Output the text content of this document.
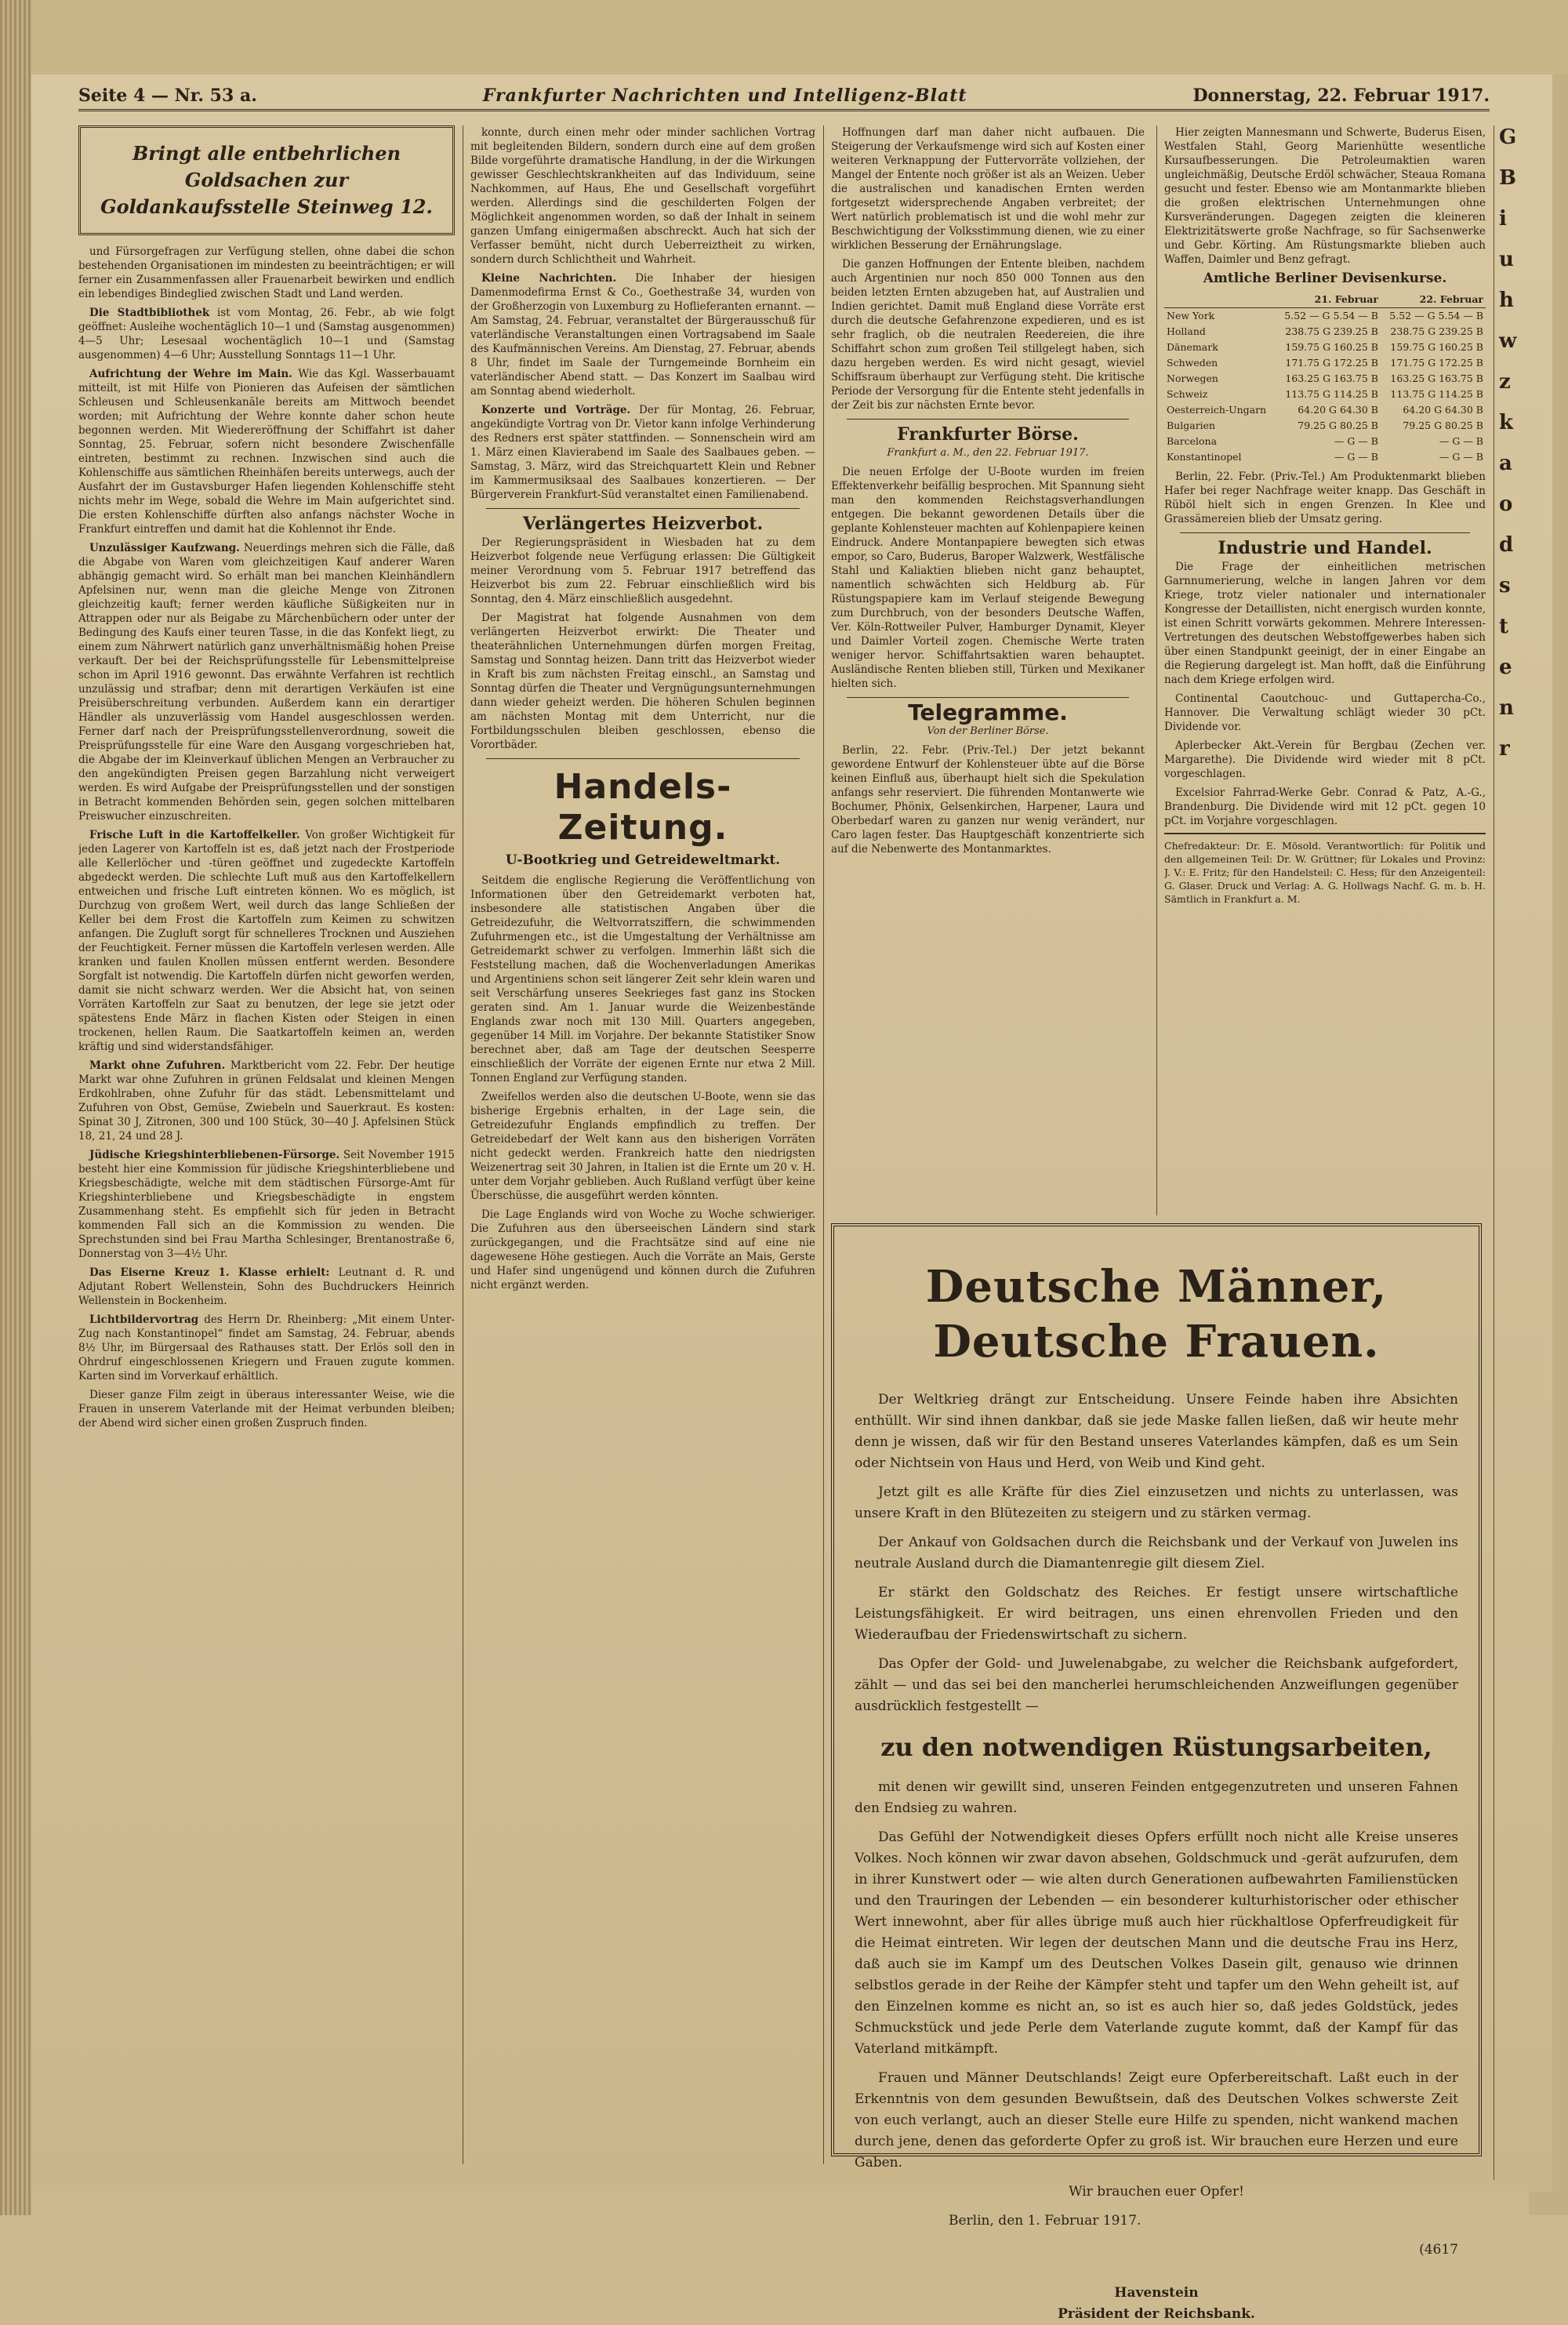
Seite 4 — Nr. 53 a.	Frankfurter Nachrichten und Intelligenz-Blatt	Donnerstag, 22. Februar 1917.
Bringt alle entbehrlichen Goldsachen zur Goldankaufsstelle Steinweg 12.

und Fürsorgefragen zur Verfügung stellen, ohne dabei die schon bestehenden Organisationen im mindesten zu beeinträchtigen; er will ferner ein Zusammenfassen aller Frauenarbeit bewirken und endlich ein lebendiges Bindeglied zwischen Stadt und Land werden.

Die Stadtbibliothek ist vom Montag, 26. Febr., ab wie folgt geöffnet: Ausleihe wochentäglich 10—1 und (Samstag ausgenommen) 4—5 Uhr; Lesesaal wochentäglich 10—1 und (Samstag ausgenommen) 4—6 Uhr; Ausstellung Sonntags 11—1 Uhr.

Aufrichtung der Wehre im Main. Wie das Kgl. Wasserbauamt mitteilt, ist mit Hilfe von Pionieren das Aufeisen der sämtlichen Schleusen und Schleusenkanäle bereits am Mittwoch beendet worden; mit Aufrichtung der Wehre konnte daher schon heute begonnen werden. Mit Wiedereröffnung der Schiffahrt ist daher Sonntag, 25. Februar, sofern nicht besondere Zwischenfälle eintreten, bestimmt zu rechnen. Inzwischen sind auch die Kohlenschiffe aus sämtlichen Rheinhäfen bereits unterwegs, auch der Ausfahrt der im Gustavsburger Hafen liegenden Kohlenschiffe steht nichts mehr im Wege, sobald die Wehre im Main aufgerichtet sind. Die ersten Kohlenschiffe dürften also anfangs nächster Woche in Frankfurt eintreffen und damit hat die Kohlennot ihr Ende.

Unzulässiger Kaufzwang. Neuerdings mehren sich die Fälle, daß die Abgabe von Waren vom gleichzeitigen Kauf anderer Waren abhängig gemacht wird. So erhält man bei manchen Kleinhändlern Apfelsinen nur, wenn man die gleiche Menge von Zitronen gleichzeitig kauft; ferner werden käufliche Süßigkeiten nur in Attrappen oder nur als Beigabe zu Märchenbüchern oder unter der Bedingung des Kaufs einer teuren Tasse, in die das Konfekt liegt, zu einem zum Nährwert natürlich ganz unverhältnismäßig hohen Preise verkauft. Der bei der Reichsprüfungsstelle für Lebensmittelpreise schon im April 1916 gewonnt. Das erwähnte Verfahren ist rechtlich unzulässig und strafbar; denn mit derartigen Verkäufen ist eine Preisüberschreitung verbunden. Außerdem kann ein derartiger Händler als unzuverlässig vom Handel ausgeschlossen werden. Ferner darf nach der Preisprüfungsstellenverordnung, soweit die Preisprüfungsstelle für eine Ware den Ausgang vorgeschrieben hat, die Abgabe der im Kleinverkauf üblichen Mengen an Verbraucher zu den angekündigten Preisen gegen Barzahlung nicht verweigert werden. Es wird Aufgabe der Preisprüfungsstellen und der sonstigen in Betracht kommenden Behörden sein, gegen solchen mittelbaren Preiswucher einzuschreiten.

Frische Luft in die Kartoffelkeller. Von großer Wichtigkeit für jeden Lagerer von Kartoffeln ist es, daß jetzt nach der Frostperiode alle Kellerlöcher und -türen geöffnet und zugedeckte Kartoffeln abgedeckt werden. Die schlechte Luft muß aus den Kartoffelkellern entweichen und frische Luft eintreten können. Wo es möglich, ist Durchzug von großem Wert, weil durch das lange Schließen der Keller bei dem Frost die Kartoffeln zum Keimen zu schwitzen anfangen. Die Zugluft sorgt für schnelleres Trocknen und Ausziehen der Feuchtigkeit. Ferner müssen die Kartoffeln verlesen werden. Alle kranken und faulen Knollen müssen entfernt werden. Besondere Sorgfalt ist notwendig. Die Kartoffeln dürfen nicht geworfen werden, damit sie nicht schwarz werden. Wer die Absicht hat, von seinen Vorräten Kartoffeln zur Saat zu benutzen, der lege sie jetzt oder spätestens Ende März in flachen Kisten oder Steigen in einen trockenen, hellen Raum. Die Saatkartoffeln keimen an, werden kräftig und sind widerstandsfähiger.

Markt ohne Zufuhren. Marktbericht vom 22. Febr. Der heutige Markt war ohne Zufuhren in grünen Feldsalat und kleinen Mengen Erdkohlraben, ohne Zufuhr für das städt. Lebensmittelamt und Zufuhren von Obst, Gemüse, Zwiebeln und Sauerkraut. Es kosten: Spinat 30 J, Zitronen, 300 und 100 Stück, 30—40 J. Apfelsinen Stück 18, 21, 24 und 28 J.

Jüdische Kriegshinterbliebenen-Fürsorge. Seit November 1915 besteht hier eine Kommission für jüdische Kriegshinterbliebene und Kriegsbeschädigte, welche mit dem städtischen Fürsorge-Amt für Kriegshinterbliebene und Kriegsbeschädigte in engstem Zusammenhang steht. Es empfiehlt sich für jeden in Betracht kommenden Fall sich an die Kommission zu wenden. Die Sprechstunden sind bei Frau Martha Schlesinger, Brentanostraße 6, Donnerstag von 3—4½ Uhr.

Das Eiserne Kreuz 1. Klasse erhielt: Leutnant d. R. und Adjutant Robert Wellenstein, Sohn des Buchdruckers Heinrich Wellenstein in Bockenheim.

Lichtbildervortrag des Herrn Dr. Rheinberg: „Mit einem Unter-Zug nach Konstantinopel“ findet am Samstag, 24. Februar, abends 8½ Uhr, im Bürgersaal des Rathauses statt. Der Erlös soll den in Ohrdruf eingeschlossenen Kriegern und Frauen zugute kommen. Karten sind im Vorverkauf erhältlich.

Dieser ganze Film zeigt in überaus interessanter Weise, wie die Frauen in unserem Vaterlande mit der Heimat verbunden bleiben; der Abend wird sicher einen großen Zuspruch finden.

konnte, durch einen mehr oder minder sachlichen Vortrag mit begleitenden Bildern, sondern durch eine auf dem großen Bilde vorgeführte dramatische Handlung, in der die Wirkungen gewisser Geschlechtskrankheiten auf das Individuum, seine Nachkommen, auf Haus, Ehe und Gesellschaft vorgeführt werden. Allerdings sind die geschilderten Folgen der Möglichkeit angenommen worden, so daß der Inhalt in seinem ganzen Umfang einigermaßen abschreckt. Auch hat sich der Verfasser bemüht, nicht durch Ueberreiztheit zu wirken, sondern durch Schlichtheit und Wahrheit.

Kleine Nachrichten. Die Inhaber der hiesigen Damenmodefirma Ernst & Co., Goethestraße 34, wurden von der Großherzogin von Luxemburg zu Hoflieferanten ernannt. — Am Samstag, 24. Februar, veranstaltet der Bürgerausschuß für vaterländische Veranstaltungen einen Vortragsabend im Saale des Kaufmännischen Vereins. Am Dienstag, 27. Februar, abends 8 Uhr, findet im Saale der Turngemeinde Bornheim ein vaterländischer Abend statt. — Das Konzert im Saalbau wird am Sonntag abend wiederholt.

Konzerte und Vorträge. Der für Montag, 26. Februar, angekündigte Vortrag von Dr. Vietor kann infolge Verhinderung des Redners erst später stattfinden. — Sonnenschein wird am 1. März einen Klavierabend im Saale des Saalbaues geben. — Samstag, 3. März, wird das Streichquartett Klein und Rebner im Kammermusiksaal des Saalbaues konzertieren. — Der Bürgerverein Frankfurt-Süd veranstaltet einen Familienabend.

Verlängertes Heizverbot.

Der Regierungspräsident in Wiesbaden hat zu dem Heizverbot folgende neue Verfügung erlassen: Die Gültigkeit meiner Verordnung vom 5. Februar 1917 betreffend das Heizverbot bis zum 22. Februar einschließlich wird bis Sonntag, den 4. März einschließlich ausgedehnt.

Der Magistrat hat folgende Ausnahmen von dem verlängerten Heizverbot erwirkt: Die Theater und theaterähnlichen Unternehmungen dürfen morgen Freitag, Samstag und Sonntag heizen. Dann tritt das Heizverbot wieder in Kraft bis zum nächsten Freitag einschl., an Samstag und Sonntag dürfen die Theater und Vergnügungsunternehmungen dann wieder geheizt werden. Die höheren Schulen beginnen am nächsten Montag mit dem Unterricht, nur die Fortbildungsschulen bleiben geschlossen, ebenso die Vorortbäder.

Handels-Zeitung.
U-Bootkrieg und Getreideweltmarkt.

Seitdem die englische Regierung die Veröffentlichung von Informationen über den Getreidemarkt verboten hat, insbesondere alle statistischen Angaben über die Getreidezufuhr, die Weltvorratsziffern, die schwimmenden Zufuhrmengen etc., ist die Umgestaltung der Verhältnisse am Getreidemarkt schwer zu verfolgen. Immerhin läßt sich die Feststellung machen, daß die Wochenverladungen Amerikas und Argentiniens schon seit längerer Zeit sehr klein waren und seit Verschärfung unseres Seekrieges fast ganz ins Stocken geraten sind. Am 1. Januar wurde die Weizenbestände Englands zwar noch mit 130 Mill. Quarters angegeben, gegenüber 14 Mill. im Vorjahre. Der bekannte Statistiker Snow berechnet aber, daß am Tage der deutschen Seesperre einschließlich der Vorräte der eigenen Ernte nur etwa 2 Mill. Tonnen England zur Verfügung standen.

Zweifellos werden also die deutschen U-Boote, wenn sie das bisherige Ergebnis erhalten, in der Lage sein, die Getreidezufuhr Englands empfindlich zu treffen. Der Getreidebedarf der Welt kann aus den bisherigen Vorräten nicht gedeckt werden. Frankreich hatte den niedrigsten Weizenertrag seit 30 Jahren, in Italien ist die Ernte um 20 v. H. unter dem Vorjahr geblieben. Auch Rußland verfügt über keine Überschüsse, die ausgeführt werden könnten.

Die Lage Englands wird von Woche zu Woche schwieriger. Die Zufuhren aus den überseeischen Ländern sind stark zurückgegangen, und die Frachtsätze sind auf eine nie dagewesene Höhe gestiegen. Auch die Vorräte an Mais, Gerste und Hafer sind ungenügend und können durch die Zufuhren nicht ergänzt werden.

Hoffnungen darf man daher nicht aufbauen. Die Steigerung der Verkaufsmenge wird sich auf Kosten einer weiteren Verknappung der Futtervorräte vollziehen, der Mangel der Entente noch größer ist als an Weizen. Ueber die australischen und kanadischen Ernten werden fortgesetzt widersprechende Angaben verbreitet; der Wert natürlich problematisch ist und die wohl mehr zur Beschwichtigung der Volksstimmung dienen, wie zu einer wirklichen Besserung der Ernährungslage.

Die ganzen Hoffnungen der Entente bleiben, nachdem auch Argentinien nur noch 850 000 Tonnen aus den beiden letzten Ernten abzugeben hat, auf Australien und Indien gerichtet. Damit muß England diese Vorräte erst durch die deutsche Gefahrenzone expedieren, und es ist sehr fraglich, ob die neutralen Reedereien, die ihre Schiffahrt schon zum großen Teil stillgelegt haben, sich dazu hergeben werden. Es wird nicht gesagt, wieviel Schiffsraum überhaupt zur Verfügung steht. Die kritische Periode der Versorgung für die Entente steht jedenfalls in der Zeit bis zur nächsten Ernte bevor.

Frankfurter Börse.
Frankfurt a. M., den 22. Februar 1917.

Die neuen Erfolge der U-Boote wurden im freien Effektenverkehr beifällig besprochen. Mit Spannung sieht man den kommenden Reichstagsverhandlungen entgegen. Die bekannt gewordenen Details über die geplante Kohlensteuer machten auf Kohlenpapiere keinen Eindruck. Andere Montanpapiere bewegten sich etwas empor, so Caro, Buderus, Baroper Walzwerk, Westfälische Stahl und Kaliaktien blieben nicht ganz behauptet, namentlich schwächten sich Heldburg ab. Für Rüstungspapiere kam im Verlauf steigende Bewegung zum Durchbruch, von der besonders Deutsche Waffen, Ver. Köln-Rottweiler Pulver, Hamburger Dynamit, Kleyer und Daimler Vorteil zogen. Chemische Werte traten weniger hervor. Schiffahrtsaktien waren behauptet. Ausländische Renten blieben still, Türken und Mexikaner hielten sich.

Telegramme.
Von der Berliner Börse.

Berlin, 22. Febr. (Priv.-Tel.) Der jetzt bekannt gewordene Entwurf der Kohlensteuer übte auf die Börse keinen Einfluß aus, überhaupt hielt sich die Spekulation anfangs sehr reserviert. Die führenden Montanwerte wie Bochumer, Phönix, Gelsenkirchen, Harpener, Laura und Oberbedarf waren zu ganzen nur wenig verändert, nur Caro lagen fester. Das Hauptgeschäft konzentrierte sich auf die Nebenwerte des Montanmarktes.

Hier zeigten Mannesmann und Schwerte, Buderus Eisen, Westfalen Stahl, Georg Marienhütte wesentliche Kursaufbesserungen. Die Petroleumaktien waren ungleichmäßig, Deutsche Erdöl schwächer, Steaua Romana gesucht und fester. Ebenso wie am Montanmarkte blieben die großen elektrischen Unternehmungen ohne Kursveränderungen. Dagegen zeigten die kleineren Elektrizitätswerte große Nachfrage, so für Sachsenwerke und Gebr. Körting. Am Rüstungsmarkte blieben auch Waffen, Daimler und Benz gefragt.

Amtliche Berliner Devisenkurse.
	21. Februar	22. Februar
New York	5.52 — G 5.54 — B	5.52 — G 5.54 — B
Holland	238.75 G 239.25 B	238.75 G 239.25 B
Dänemark	159.75 G 160.25 B	159.75 G 160.25 B
Schweden	171.75 G 172.25 B	171.75 G 172.25 B
Norwegen	163.25 G 163.75 B	163.25 G 163.75 B
Schweiz	113.75 G 114.25 B	113.75 G 114.25 B
Oesterreich-Ungarn	64.20 G 64.30 B	64.20 G 64.30 B
Bulgarien	79.25 G 80.25 B	79.25 G 80.25 B
Barcelona	— G — B	— G — B
Konstantinopel	— G — B	— G — B

Berlin, 22. Febr. (Priv.-Tel.) Am Produktenmarkt blieben Hafer bei reger Nachfrage weiter knapp. Das Geschäft in Rüböl hielt sich in engen Grenzen. In Klee und Grassämereien blieb der Umsatz gering.

Industrie und Handel.

Die Frage der einheitlichen metrischen Garnnumerierung, welche in langen Jahren vor dem Kriege, trotz vieler nationaler und internationaler Kongresse der Detaillisten, nicht energisch wurden konnte, ist einen Schritt vorwärts gekommen. Mehrere Interessen-Vertretungen des deutschen Webstoffgewerbes haben sich über einen Standpunkt geeinigt, der in einer Eingabe an die Regierung dargelegt ist. Man hofft, daß die Einführung nach dem Kriege erfolgen wird.

Continental Caoutchouc- und Guttapercha-Co., Hannover. Die Verwaltung schlägt wieder 30 pCt. Dividende vor.

Aplerbecker Akt.-Verein für Bergbau (Zechen ver. Margarethe). Die Dividende wird wieder mit 8 pCt. vorgeschlagen.

Excelsior Fahrrad-Werke Gebr. Conrad & Patz, A.-G., Brandenburg. Die Dividende wird mit 12 pCt. gegen 10 pCt. im Vorjahre vorgeschlagen.

Chefredakteur: Dr. E. Mösold. Verantwortlich: für Politik und den allgemeinen Teil: Dr. W. Grüttner; für Lokales und Provinz: J. V.: E. Fritz; für den Handelsteil: C. Hess; für den Anzeigenteil: G. Glaser. Druck und Verlag: A. G. Hollwags Nachf. G. m. b. H. Sämtlich in Frankfurt a. M.
Deutsche Männer, Deutsche Frauen.

Der Weltkrieg drängt zur Entscheidung. Unsere Feinde haben ihre Absichten enthüllt. Wir sind ihnen dankbar, daß sie jede Maske fallen ließen, daß wir heute mehr denn je wissen, daß wir für den Bestand unseres Vaterlandes kämpfen, daß es um Sein oder Nichtsein von Haus und Herd, von Weib und Kind geht.

Jetzt gilt es alle Kräfte für dies Ziel einzusetzen und nichts zu unterlassen, was unsere Kraft in den Blütezeiten zu steigern und zu stärken vermag.

Der Ankauf von Goldsachen durch die Reichsbank und der Verkauf von Juwelen ins neutrale Ausland durch die Diamantenregie gilt diesem Ziel.

Er stärkt den Goldschatz des Reiches. Er festigt unsere wirtschaftliche Leistungsfähigkeit. Er wird beitragen, uns einen ehrenvollen Frieden und den Wiederaufbau der Friedenswirtschaft zu sichern.

Das Opfer der Gold- und Juwelenabgabe, zu welcher die Reichsbank aufgefordert, zählt — und das sei bei den mancherlei herumschleichenden Anzweiflungen gegenüber ausdrücklich festgestellt —

zu den notwendigen Rüstungsarbeiten,

mit denen wir gewillt sind, unseren Feinden entgegenzutreten und unseren Fahnen den Endsieg zu wahren.

Das Gefühl der Notwendigkeit dieses Opfers erfüllt noch nicht alle Kreise unseres Volkes. Noch können wir zwar davon absehen, Goldschmuck und -gerät aufzurufen, dem in ihrer Kunstwert oder — wie alten durch Generationen aufbewahrten Familienstücken und den Trauringen der Lebenden — ein besonderer kulturhistorischer oder ethischer Wert innewohnt, aber für alles übrige muß auch hier rückhaltlose Opferfreudigkeit für die Heimat eintreten. Wir legen der deutschen Mann und die deutsche Frau ins Herz, daß auch sie im Kampf um des Deutschen Volkes Dasein gilt, genauso wie drinnen selbstlos gerade in der Reihe der Kämpfer steht und tapfer um den Wehn geheilt ist, auf den Einzelnen komme es nicht an, so ist es auch hier so, daß jedes Goldstück, jedes Schmuckstück und jede Perle dem Vaterlande zugute kommt, daß der Kampf für das Vaterland mitkämpft.

Frauen und Männer Deutschlands! Zeigt eure Opferbereitschaft. Laßt euch in der Erkenntnis von dem gesunden Bewußtsein, daß des Deutschen Volkes schwerste Zeit von euch verlangt, auch an dieser Stelle eure Hilfe zu spenden, nicht wankend machen durch jene, denen das geforderte Opfer zu groß ist. Wir brauchen eure Herzen und eure Gaben.

Wir brauchen euer Opfer!

Berlin, den 1. Februar 1917.

(4617
Havenstein
Präsident der Reichsbank.
G
B
i
u
h
w
z
k
a
o
d
s
t
e
n
r
